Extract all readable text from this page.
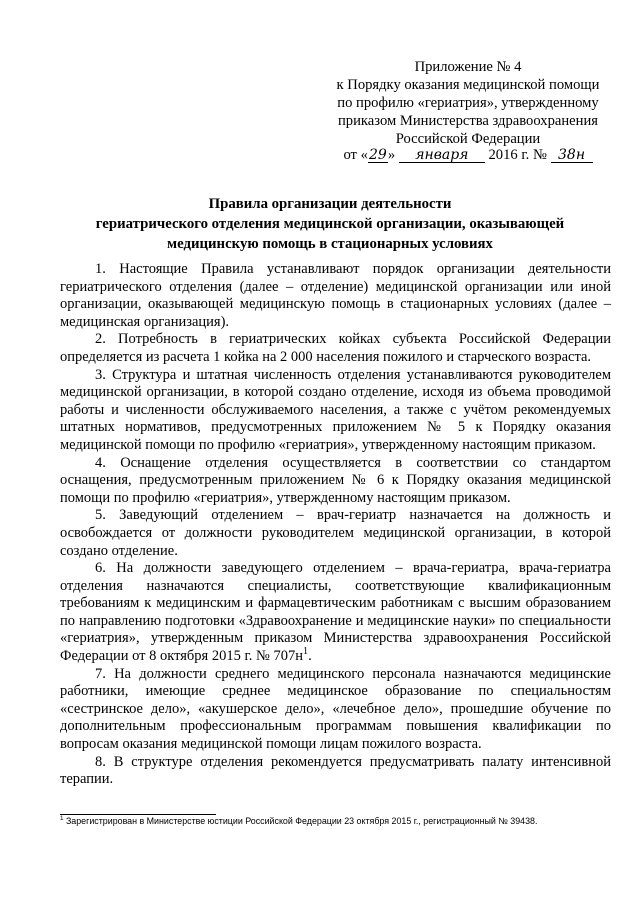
Приложение № 4
к Порядку оказания медицинской помощи
по профилю «гериатрия», утвержденному
приказом Министерства здравоохранения
Российской Федерации
от «29» января 2016 г. № 38н
Правила организации деятельности
гериатрического отделения медицинской организации, оказывающей
медицинскую помощь в стационарных условиях

1. Настоящие Правила устанавливают порядок организации деятельности гериатрического отделения (далее – отделение) медицинской организации или иной организации, оказывающей медицинскую помощь в стационарных условиях (далее – медицинская организация).

2. Потребность в гериатрических койках субъекта Российской Федерации определяется из расчета 1 койка на 2 000 населения пожилого и старческого возраста.

3. Структура и штатная численность отделения устанавливаются руководителем медицинской организации, в которой создано отделение, исходя из объема проводимой работы и численности обслуживаемого населения, а также с учётом рекомендуемых штатных нормативов, предусмотренных приложением № 5 к Порядку оказания медицинской помощи по профилю «гериатрия», утвержденному настоящим приказом.

4. Оснащение отделения осуществляется в соответствии со стандартом оснащения, предусмотренным приложением № 6 к Порядку оказания медицинской помощи по профилю «гериатрия», утвержденному настоящим приказом.

5. Заведующий отделением – врач-гериатр назначается на должность и освобождается от должности руководителем медицинской организации, в которой создано отделение.

6. На должности заведующего отделением – врача-гериатра, врача-гериатра отделения назначаются специалисты, соответствующие квалификационным требованиям к медицинским и фармацевтическим работникам с высшим образованием по направлению подготовки «Здравоохранение и медицинские науки» по специальности «гериатрия», утвержденным приказом Министерства здравоохранения Российской Федерации от 8 октября 2015 г. № $707н^1$.

7. На должности среднего медицинского персонала назначаются медицинские работники, имеющие среднее медицинское образование по специальностям «сестринское дело», «акушерское дело», «лечебное дело», прошедшие обучение по дополнительным профессиональным программам повышения квалификации по вопросам оказания медицинской помощи лицам пожилого возраста.

8. В структуре отделения рекомендуется предусматривать палату интенсивной терапии.

$^1$ Зарегистрирован в Министерстве юстиции Российской Федерации 23 октября 2015 г., регистрационный № 39438.
